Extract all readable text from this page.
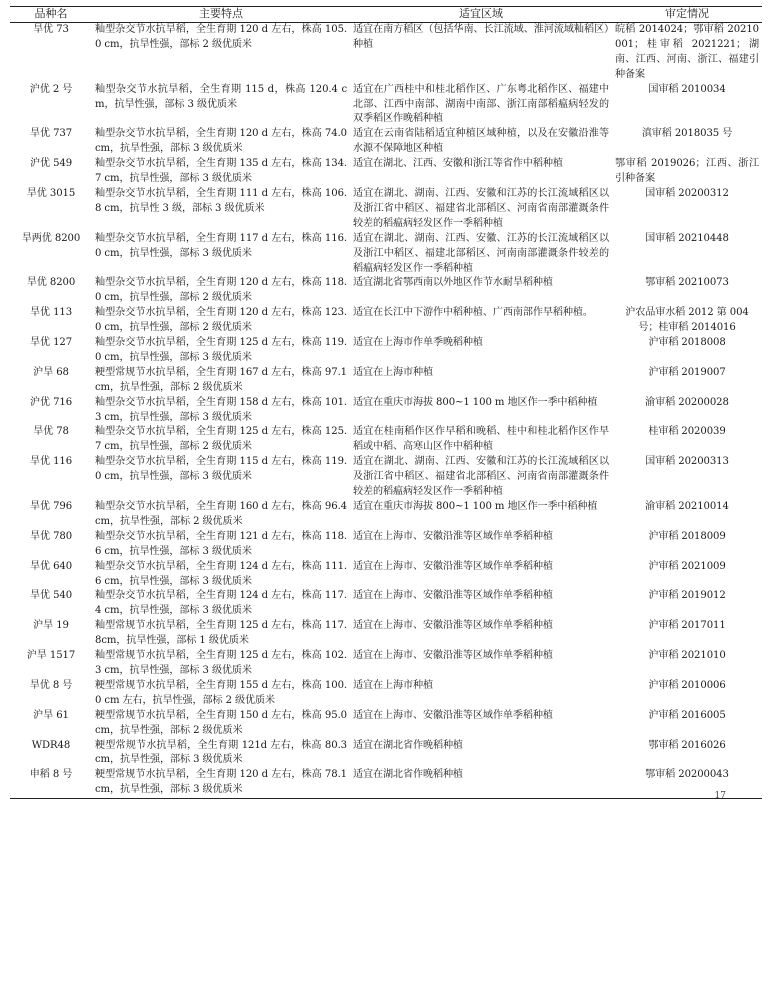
品种名	主要特点	适宜区域	审定情况
旱优 73	籼型杂交节水抗旱稻，全生育期 120 d 左右，株高 105.0 cm，抗旱性强，部标 2 级优质米	适宜在南方稻区（包括华南、长江流域、淮河流域籼稻区）种植	皖稻 2014024；鄂审稻 20210001；桂审稻 2021221；湖南、江西、河南、浙江、福建引种备案
沪优 2 号	籼型杂交节水抗旱稻，全生育期 115 d，株高 120.4 cm，抗旱性强，部标 3 级优质米	适宜在广西桂中和桂北稻作区、广东粤北稻作区、福建中北部、江西中南部、湖南中南部、浙江南部稻瘟病轻发的双季稻区作晚稻种植	国审稻 2010034
旱优 737	籼型杂交节水抗旱稻，全生育期 120 d 左右，株高 74.0 cm，抗旱性强，部标 3 级优质米	适宜在云南省陆稻适宜种植区域种植，以及在安徽沿淮等水源不保障地区种植	滇审稻 2018035 号
沪优 549	籼型杂交节水抗旱稻，全生育期 135 d 左右，株高 134.7 cm，抗旱性强，部标 3 级优质米	适宜在湖北、江西、安徽和浙江等省作中稻种植	鄂审稻 2019026；江西、浙江引种备案
旱优 3015	籼型杂交节水抗旱稻，全生育期 111 d 左右，株高 106.8 cm，抗旱性 3 级，部标 3 级优质米	适宜在湖北、湖南、江西、安徽和江苏的长江流域稻区以及浙江省中稻区、福建省北部稻区、河南省南部灌溉条件较差的稻瘟病轻发区作一季稻种植	国审稻 20200312
旱两优 8200	籼型杂交节水抗旱稻，全生育期 117 d 左右，株高 116.0 cm，抗旱性强，部标 3 级优质米	适宜在湖北、湖南、江西、安徽、江苏的长江流域稻区以及浙江中稻区、福建北部稻区、河南南部灌溉条件较差的稻瘟病轻发区作一季稻种植	国审稻 20210448
旱优 8200	籼型杂交节水抗旱稻，全生育期 120 d 左右，株高 118.0 cm，抗旱性强，部标 2 级优质米	适宜湖北省鄂西南以外地区作节水耐旱稻种植	鄂审稻 20210073
旱优 113	籼型杂交节水抗旱稻，全生育期 120 d 左右，株高 123.0 cm，抗旱性强，部标 2 级优质米	适宜在长江中下游作中稻种植、广西南部作早稻种植。	沪农品审水稻 2012 第 004 号；桂审稻 2014016
旱优 127	籼型杂交节水抗旱稻，全生育期 125 d 左右，株高 119.0 cm，抗旱性强，部标 3 级优质米	适宜在上海市作单季晚稻种植	沪审稻 2018008
沪旱 68	粳型常规节水抗旱稻，全生育期 167 d 左右，株高 97.1 cm，抗旱性强，部标 2 级优质米	适宜在上海市种植	沪审稻 2019007
沪优 716	籼型杂交节水抗旱稻，全生育期 158 d 左右，株高 101.3 cm，抗旱性强，部标 3 级优质米	适宜在重庆市海拔 800~1 100 m 地区作一季中稻种植	渝审稻 20200028
旱优 78	籼型杂交节水抗旱稻，全生育期 125 d 左右，株高 125.7 cm，抗旱性强，部标 2 级优质米	适宜在桂南稻作区作早稻和晚稻、桂中和桂北稻作区作早稻或中稻、高寒山区作中稻种植	桂审稻 2020039
旱优 116	籼型杂交节水抗旱稻，全生育期 115 d 左右，株高 119.0 cm，抗旱性强，部标 3 级优质米	适宜在湖北、湖南、江西、安徽和江苏的长江流域稻区以及浙江省中稻区、福建省北部稻区、河南省南部灌溉条件较差的稻瘟病轻发区作一季稻种植	国审稻 20200313
旱优 796	籼型杂交节水抗旱稻，全生育期 160 d 左右，株高 96.4 cm，抗旱性强，部标 2 级优质米	适宜在重庆市海拔 800~1 100 m 地区作一季中稻种植	渝审稻 20210014
旱优 780	籼型杂交节水抗旱稻，全生育期 121 d 左右，株高 118.6 cm，抗旱性强，部标 3 级优质米	适宜在上海市、安徽沿淮等区域作单季稻种植	沪审稻 2018009
旱优 640	籼型杂交节水抗旱稻，全生育期 124 d 左右，株高 111.6 cm，抗旱性强，部标 3 级优质米	适宜在上海市、安徽沿淮等区域作单季稻种植	沪审稻 2021009
旱优 540	籼型杂交节水抗旱稻，全生育期 124 d 左右，株高 117.4 cm，抗旱性强，部标 3 级优质米	适宜在上海市、安徽沿淮等区域作单季稻种植	沪审稻 2019012
沪旱 19	籼型常规节水抗旱稻，全生育期 125 d 左右，株高 117.8cm，抗旱性强，部标 1 级优质米	适宜在上海市、安徽沿淮等区域作单季稻种植	沪审稻 2017011
沪旱 1517	籼型常规节水抗旱稻，全生育期 125 d 左右，株高 102.3 cm，抗旱性强，部标 3 级优质米	适宜在上海市、安徽沿淮等区域作单季稻种植	沪审稻 2021010
旱优 8 号	粳型常规节水抗旱稻，全生育期 155 d 左右，株高 100.0 cm 左右，抗旱性强，部标 2 级优质米	适宜在上海市种植	沪审稻 2010006
沪旱 61	粳型常规节水抗旱稻，全生育期 150 d 左右，株高 95.0 cm，抗旱性强，部标 2 级优质米	适宜在上海市、安徽沿淮等区域作单季稻种植	沪审稻 2016005
WDR48	粳型常规节水抗旱稻，全生育期 121d 左右，株高 80.3 cm，抗旱性强，部标 3 级优质米	适宜在湖北省作晚稻种植	鄂审稻 2016026
申稻 8 号	粳型常规节水抗旱稻，全生育期 120 d 左右，株高 78.1 cm，抗旱性强，部标 3 级优质米	适宜在湖北省作晚稻种植	鄂审稻 20200043
17
